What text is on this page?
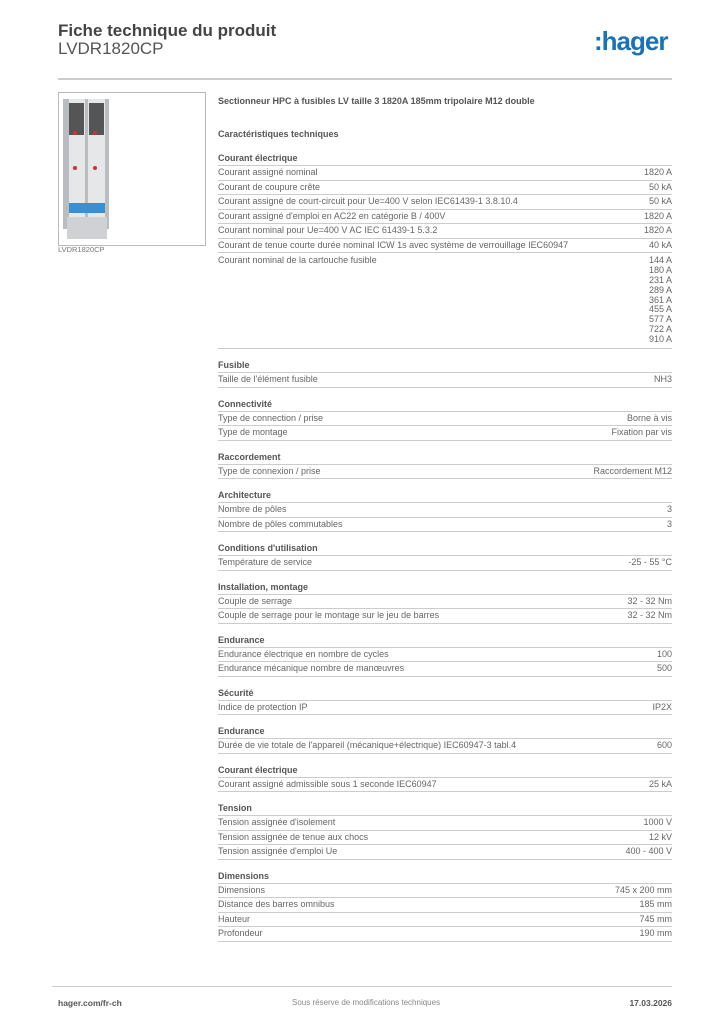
Fiche technique du produit
LVDR1820CP	:hager
LVDR1820CP
Sectionneur HPC à fusibles LV taille 3 1820A 185mm tripolaire M12 double
Caractéristiques techniques
Courant électrique
Courant assigné nominal	1820 A
Courant de coupure crête	50 kA
Courant assigné de court-circuit pour Ue=400 V selon IEC61439-1 3.8.10.4	50 kA
Courant assigné d'emploi en AC22 en catégorie B / 400V	1820 A
Courant nominal pour Ue=400 V AC IEC 61439-1 5.3.2	1820 A
Courant de tenue courte durée nominal ICW 1s avec système de verrouillage IEC60947	40 kA
Courant nominal de la cartouche fusible	144 A
180 A
231 A
289 A
361 A
455 A
577 A
722 A
910 A
Fusible
Taille de l'élément fusible	NH3
Connectivité
Type de connection / prise	Borne à vis
Type de montage	Fixation par vis
Raccordement
Type de connexion / prise	Raccordement M12
Architecture
Nombre de pôles	3
Nombre de pôles commutables	3
Conditions d'utilisation
Température de service	-25 - 55 °C
Installation, montage
Couple de serrage	32 - 32 Nm
Couple de serrage pour le montage sur le jeu de barres	32 - 32 Nm
Endurance
Endurance électrique en nombre de cycles	100
Endurance mécanique nombre de manœuvres	500
Sécurité
Indice de protection IP	IP2X
Endurance
Durée de vie totale de l'appareil (mécanique+électrique) IEC60947-3 tabl.4	600
Courant électrique
Courant assigné admissible sous 1 seconde IEC60947	25 kA
Tension
Tension assignée d'isolement	1000 V
Tension assignée de tenue aux chocs	12 kV
Tension assignée d'emploi Ue	400 - 400 V
Dimensions
Dimensions	745 x 200 mm
Distance des barres omnibus	185 mm
Hauteur	745 mm
Profondeur	190 mm
hager.com/fr-ch	Sous réserve de modifications techniques	17.03.2026
